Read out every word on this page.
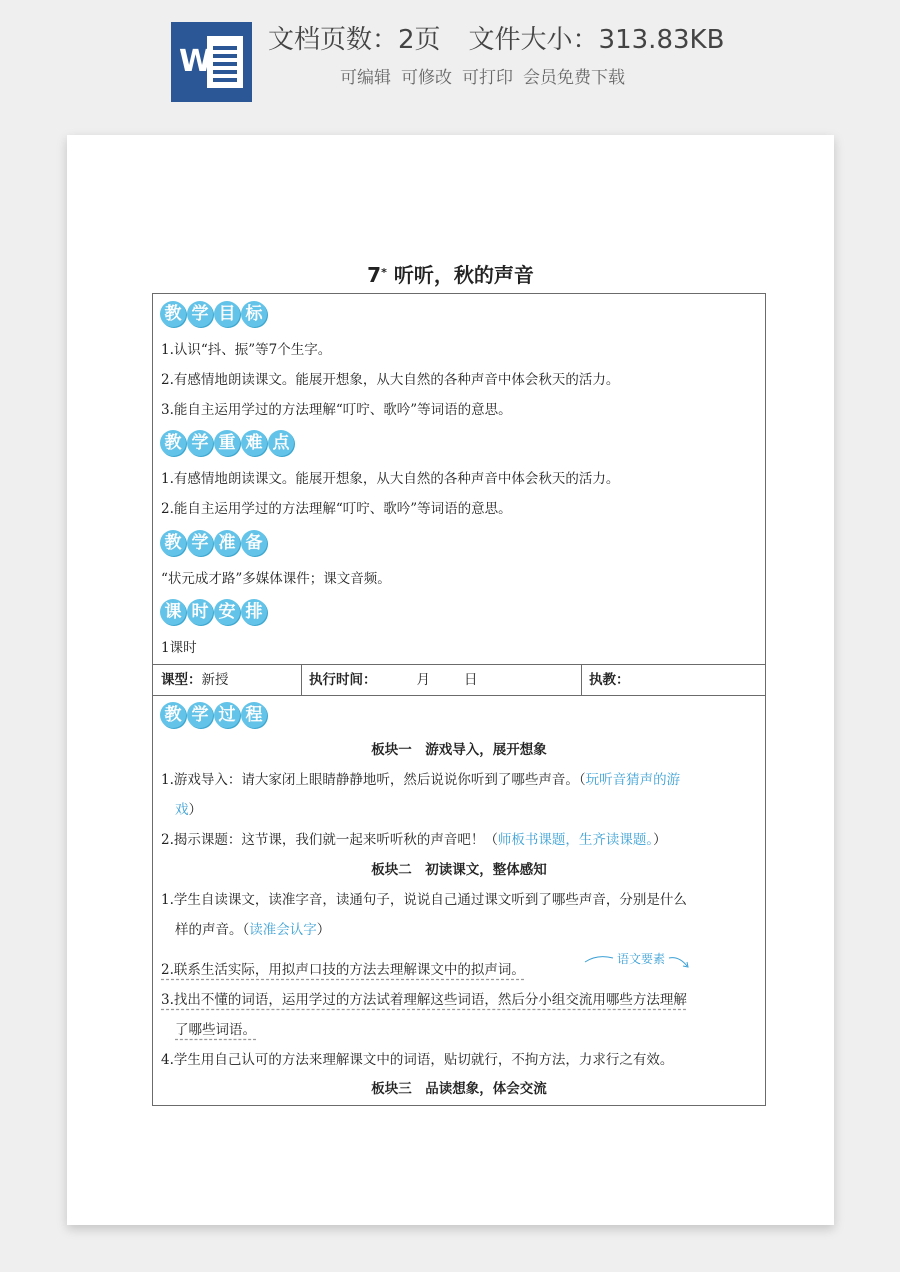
W
文档页数：2页 文件大小：313.83KB
可编辑 可修改 可打印 会员免费下载
7* 听听，秋的声音
教 学 目 标
1.认识“抖、振”等7个生字。
2.有感情地朗读课文。能展开想象，从大自然的各种声音中体会秋天的活力。
3.能自主运用学过的方法理解“叮咛、歌吟”等词语的意思。
教 学 重 难 点
1.有感情地朗读课文。能展开想象，从大自然的各种声音中体会秋天的活力。
2.能自主运用学过的方法理解“叮咛、歌吟”等词语的意思。
教 学 准 备
“状元成才路”多媒体课件；课文音频。
课 时 安 排
1课时
课型：新授	执行时间：	月	日	执教：
教 学 过 程
板块一　游戏导入，展开想象
1.游戏导入：请大家闭上眼睛静静地听，然后说说你听到了哪些声音。（玩听音猜声的游
戏）
2.揭示课题：这节课，我们就一起来听听秋的声音吧！（师板书课题，生齐读课题。）
板块二　初读课文，整体感知
1.学生自读课文，读准字音，读通句子，说说自己通过课文听到了哪些声音，分别是什么
样的声音。（读准会认字）
2.联系生活实际，用拟声口技的方法去理解课文中的拟声词。
语文要素
3.找出不懂的词语，运用学过的方法试着理解这些词语，然后分小组交流用哪些方法理解
了哪些词语。
4.学生用自己认可的方法来理解课文中的词语，贴切就行，不拘方法，力求行之有效。
板块三　品读想象，体会交流
